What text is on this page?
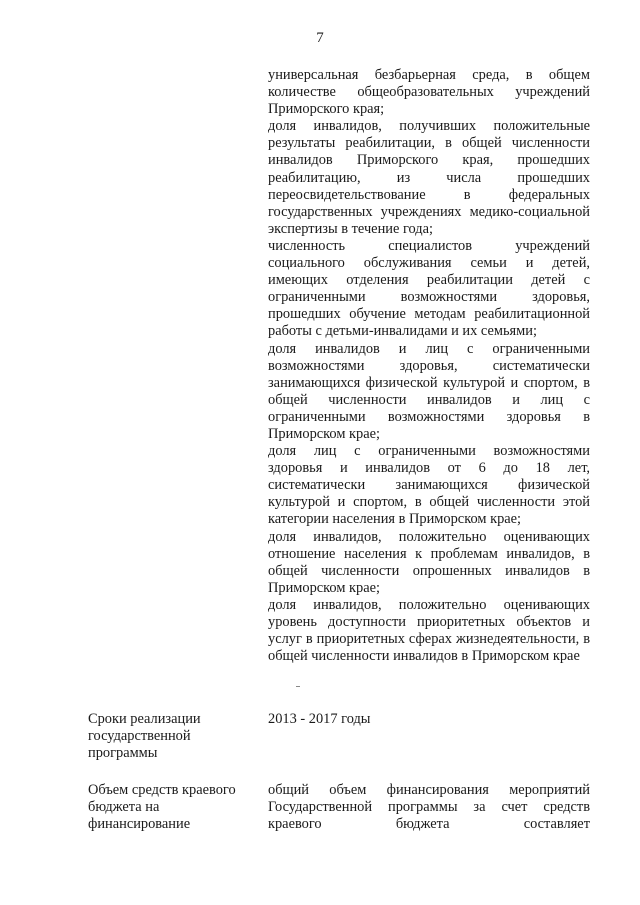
7

универсальная безбарьерная среда, в общем количестве общеобразовательных учреждений Приморского края;

доля инвалидов, получивших положительные результаты реабилитации, в общей численности инвалидов Приморского края, прошедших реабилитацию, из числа прошедших переосвидетельствование в федеральных государственных учреждениях медико-социальной экспертизы в течение года;

численность специалистов учреждений социального обслуживания семьи и детей, имеющих отделения реабилитации детей с ограниченными возможностями здоровья, прошедших обучение методам реабилитационной работы с детьми-инвалидами и их семьями;

доля инвалидов и лиц с ограниченными возможностями здоровья, систематически занимающихся физической культурой и спортом, в общей численности инвалидов и лиц с ограниченными возможностями здоровья в Приморском крае;

доля лиц с ограниченными возможностями здоровья и инвалидов от 6 до 18 лет, систематически занимающихся физической культурой и спортом, в общей численности этой категории населения в Приморском крае;

доля инвалидов, положительно оценивающих отношение населения к проблемам инвалидов, в общей численности опрошенных инвалидов в Приморском крае;

доля инвалидов, положительно оценивающих уровень доступности приоритетных объектов и услуг в приоритетных сферах жизнедеятельности, в общей численности инвалидов в Приморском крае

Сроки реализации государственной программы
2013 - 2017 годы
Объем средств краевого бюджета на финансирование
общий объем финансирования мероприятий Государственной программы за счет средств краевого бюджета составляет
